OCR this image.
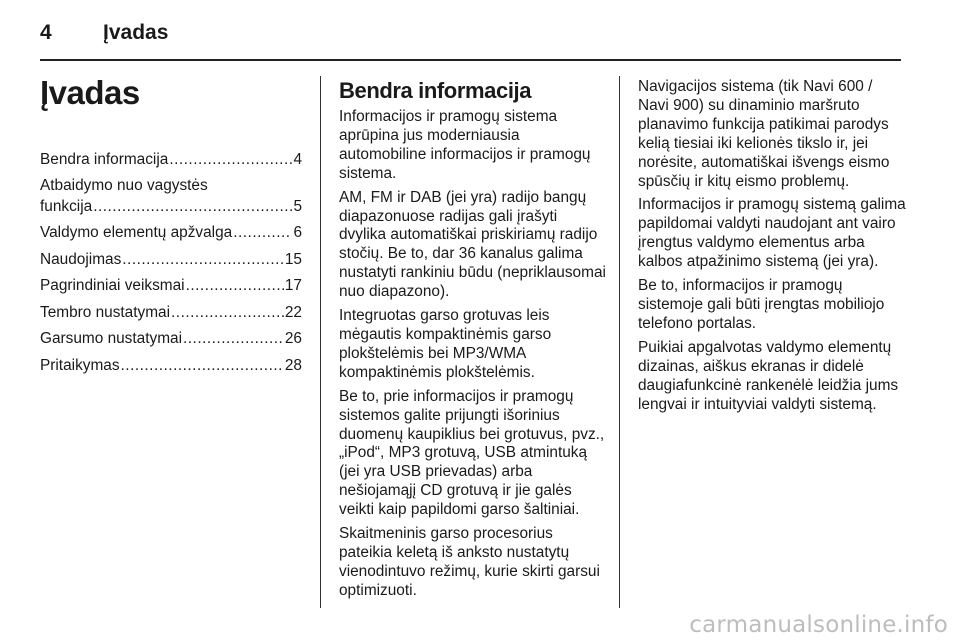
4 Įvadas
Įvadas
Bendra informacija .....	4
Atbaidymo nuo vagystės
funkcija .....	5
Valdymo elementų apžvalga .....	6
Naudojimas .....	15
Pagrindiniai veiksmai .....	17
Tembro nustatymai .....	22
Garsumo nustatymai .....	26
Pritaikymas .....	28
Bendra informacija

Informacijos ir pramogų sistema aprūpina jus moderniausia automobiline informacijos ir pramogų sistema.

AM, FM ir DAB (jei yra) radijo bangų diapazonuose radijas gali įrašyti dvylika automatiškai priskiriamų radijo stočių. Be to, dar 36 kanalus galima nustatyti rankiniu būdu (nepriklausomai nuo diapazono).

Integruotas garso grotuvas leis mėgautis kompaktinėmis garso plokštelėmis bei MP3/WMA kompaktinėmis plokštelėmis.

Be to, prie informacijos ir pramogų sistemos galite prijungti išorinius duomenų kaupiklius bei grotuvus, pvz., „iPod“, MP3 grotuvą, USB atmintuką (jei yra USB prievadas) arba nešiojamąjį CD grotuvą ir jie galės veikti kaip papildomi garso šaltiniai.

Skaitmeninis garso procesorius pateikia keletą iš anksto nustatytų vienodintuvo režimų, kurie skirti garsui optimizuoti.

Navigacijos sistema (tik Navi 600 / Navi 900) su dinaminio maršruto planavimo funkcija patikimai parodys kelią tiesiai iki kelionės tikslo ir, jei norėsite, automatiškai išvengs eismo spūsčių ir kitų eismo problemų.

Informacijos ir pramogų sistemą galima papildomai valdyti naudojant ant vairo įrengtus valdymo elementus arba kalbos atpažinimo sistemą (jei yra).

Be to, informacijos ir pramogų sistemoje gali būti įrengtas mobiliojo telefono portalas.

Puikiai apgalvotas valdymo elementų dizainas, aiškus ekranas ir didelė daugiafunkcinė rankenėlė leidžia jums lengvai ir intuityviai valdyti sistemą.

carmanualsonline.info
